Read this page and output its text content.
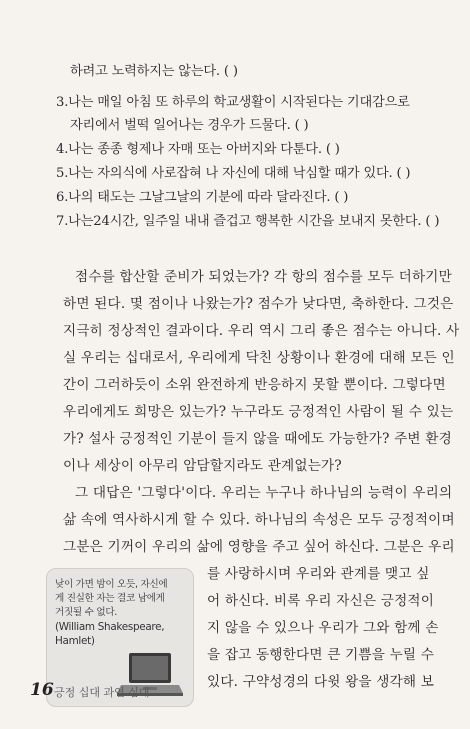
하려고 노력하지는 않는다. ( )
3.나는 매일 아침 또 하루의 학교생활이 시작된다는 기대감으로
자리에서 벌떡 일어나는 경우가 드물다. ( )
4.나는 종종 형제나 자매 또는 아버지와 다툰다. ( )
5.나는 자의식에 사로잡혀 나 자신에 대해 낙심할 때가 있다. ( )
6.나의 태도는 그날그날의 기분에 따라 달라진다. ( )
7.나는24시간, 일주일 내내 즐겁고 행복한 시간을 보내지 못한다. ( )
점수를 합산할 준비가 되었는가? 각 항의 점수를 모두 더하기만
하면 된다. 몇 점이나 나왔는가? 점수가 낮다면, 축하한다. 그것은
지극히 정상적인 결과이다. 우리 역시 그리 좋은 점수는 아니다. 사
실 우리는 십대로서, 우리에게 닥친 상황이나 환경에 대해 모든 인
간이 그러하듯이 소위 완전하게 반응하지 못할 뿐이다. 그렇다면
우리에게도 희망은 있는가? 누구라도 긍정적인 사람이 될 수 있는
가? 설사 긍정적인 기분이 들지 않을 때에도 가능한가? 주변 환경
이나 세상이 아무리 암담할지라도 관계없는가?
그 대답은 '그렇다'이다. 우리는 누구나 하나님의 능력이 우리의
삶 속에 역사하시게 할 수 있다. 하나님의 속성은 모두 긍정적이며
그분은 기꺼이 우리의 삶에 영향을 주고 싶어 하신다. 그분은 우리
를 사랑하시며 우리와 관계를 맺고 싶
어 하신다. 비록 우리 자신은 긍정적이
지 않을 수 있으나 우리가 그와 함께 손
을 잡고 동행한다면 큰 기쁨을 누릴 수
있다. 구약성경의 다윗 왕을 생각해 보
낮이 가면 밤이 오듯, 자신에
게 진실한 자는 결코 남에게
거짓될 수 없다.
(William Shakespeare,
Hamlet)
16 긍정 십대 과연 십대
